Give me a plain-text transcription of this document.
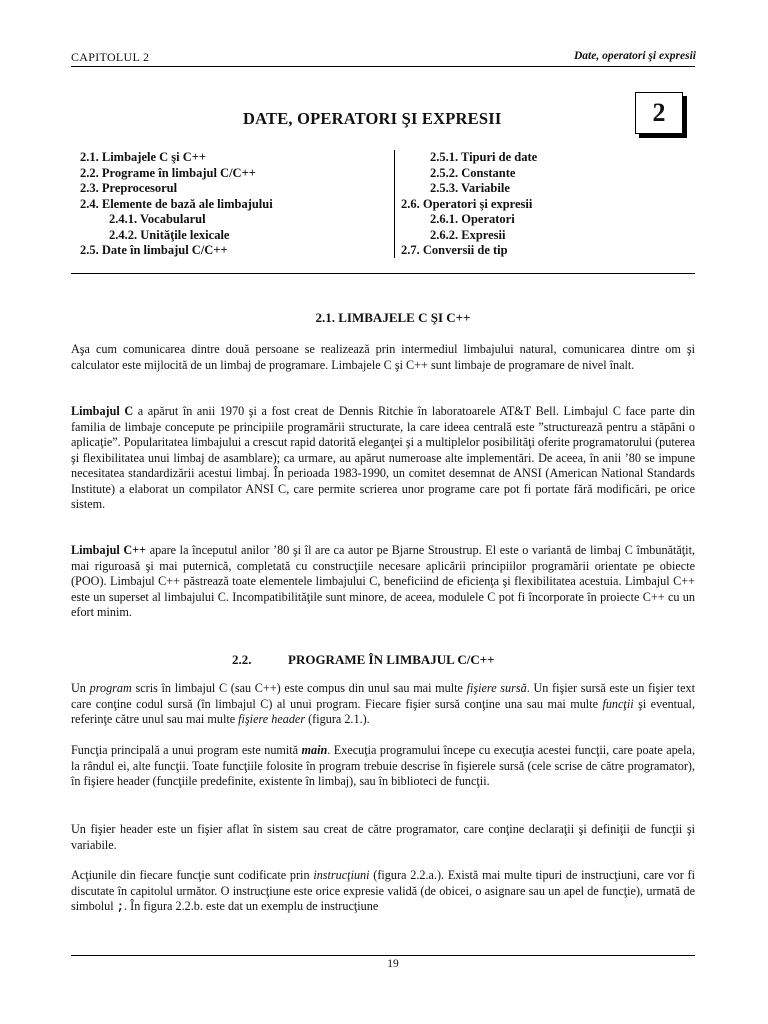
CAPITOLUL 2	Date, operatori şi expresii
DATE, OPERATORI ŞI EXPRESII	2
2.1. Limbajele C şi C++
2.2. Programe în limbajul C/C++
2.3. Preprocesorul
2.4. Elemente de bază ale limbajului
2.4.1. Vocabularul
2.4.2. Unităţile lexicale
2.5. Date în limbajul C/C++
2.5.1. Tipuri de date
2.5.2. Constante
2.5.3. Variabile
2.6. Operatori şi expresii
2.6.1. Operatori
2.6.2. Expresii
2.7. Conversii de tip
2.1. LIMBAJELE C ŞI C++
Aşa cum comunicarea dintre două persoane se realizează prin intermediul limbajului natural, comunicarea dintre om şi calculator este mijlocită de un limbaj de programare. Limbajele C şi C++ sunt limbaje de programare de nivel înalt.
Limbajul C a apărut în anii 1970 şi a fost creat de Dennis Ritchie în laboratoarele AT&T Bell. Limbajul C face parte din familia de limbaje concepute pe principiile programării structurate, la care ideea centrală este ”structurează pentru a stăpâni o aplicaţie”. Popularitatea limbajului a crescut rapid datorită eleganţei şi a multiplelor posibilităţi oferite programatorului (puterea şi flexibilitatea unui limbaj de asamblare); ca urmare, au apărut numeroase alte implementări. De aceea, în anii ’80 se impune necesitatea standardizării acestui limbaj. În perioada 1983-1990, un comitet desemnat de ANSI (American National Standards Institute) a elaborat un compilator ANSI C, care permite scrierea unor programe care pot fi portate fără modificări, pe orice sistem.
Limbajul C++ apare la începutul anilor ’80 şi îl are ca autor pe Bjarne Stroustrup. El este o variantă de limbaj C îmbunătăţit, mai riguroasă şi mai puternică, completată cu construcţiile necesare aplicării principiilor programării orientate pe obiecte (POO). Limbajul C++ păstrează toate elementele limbajului C, beneficiind de eficienţa şi flexibilitatea acestuia. Limbajul C++ este un superset al limbajului C. Incompatibilităţile sunt minore, de aceea, modulele C pot fi încorporate în proiecte C++ cu un efort minim.
2.2.	PROGRAME ÎN LIMBAJUL C/C++
Un program scris în limbajul C (sau C++) este compus din unul sau mai multe fişiere sursă. Un fişier sursă este un fişier text care conţine codul sursă (în limbajul C) al unui program. Fiecare fişier sursă conţine una sau mai multe funcţii şi eventual, referinţe către unul sau mai multe fişiere header (figura 2.1.).
Funcţia principală a unui program este numită main. Execuţia programului începe cu execuţia acestei funcţii, care poate apela, la rândul ei, alte funcţii. Toate funcţiile folosite în program trebuie descrise în fişierele sursă (cele scrise de către programator), în fişiere header (funcţiile predefinite, existente în limbaj), sau în biblioteci de funcţii.
Un fişier header este un fişier aflat în sistem sau creat de către programator, care conţine declaraţii şi definiţii de funcţii şi variabile.
Acţiunile din fiecare funcţie sunt codificate prin instrucţiuni (figura 2.2.a.). Există mai multe tipuri de instrucţiuni, care vor fi discutate în capitolul următor. O instrucţiune este orice expresie validă (de obicei, o asignare sau un apel de funcţie), urmată de simbolul ;. În figura 2.2.b. este dat un exemplu de instrucţiune
19
